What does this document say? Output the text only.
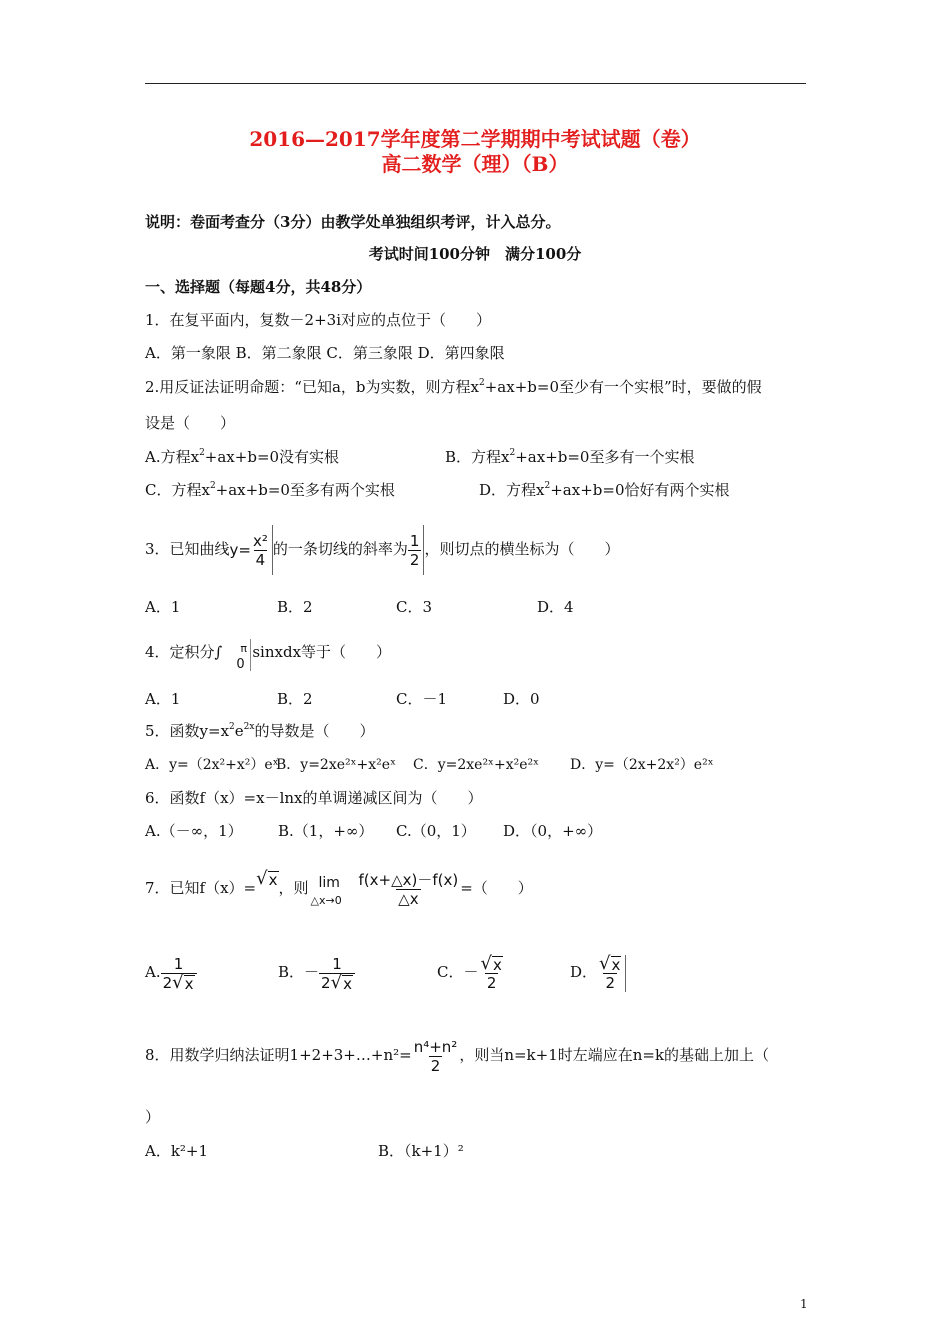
2016—2017学年度第二学期期中考试试题（卷）
高二数学（理）（B）
说明：卷面考查分（3分）由教学处单独组织考评，计入总分。
考试时间100分钟　满分100分
一、选择题（每题4分，共48分）
1．在复平面内，复数－2+3i对应的点位于（　　）
A．第一象限 B．第二象限 C．第三象限 D．第四象限
2.用反证法证明命题：“已知a，b为实数，则方程$x^2+ax+b=0$至少有一个实根”时，要做的假
设是（　　）
A.方程$x^2+ax+b=0$没有实根	B．方程$x^2+ax+b=0$至多有一个实根
C．方程$x^2+ax+b=0$至多有两个实根	D．方程$x^2+ax+b=0$恰好有两个实根
3．已知曲线$y= \frac{\text{x²}}{4}$ 的一条切线的斜率为 $\frac{1}{2}$ ，则切点的横坐标为（　　）
A．1	B．2	C．3	D．4
4．定积分∫ π
0
sinxdx等于（　　）
A．1	B．2	C．－1	D．0
5．函数$y=x^2e^{2x}$的导数是（　　）
A．y=（2x²+x²）eˣ
B．y=2xe²ˣ+x²eˣ C．y=2xe²ˣ+x²e²ˣ D．y=（2x+2x²）e²ˣ
6．函数f（x）=x－lnx的单调递减区间为（　　）
A.（－∞，1） B.（1，+∞） C.（0，1） D．（0，+∞）
7．已知f（x）= √ x ，则 lim
△x→0 $\frac{f(x+\triangle x)-f(x)}{\triangle x}$ =（　　）
A. $\frac{1}{2 √ x}$	B．－ $\frac{1}{2 √ x}$	C．－ $\frac{√ x}{2}$	D． $\frac{√ x}{2}$
8．用数学归纳法证明1+2+3+…+n²= $\frac{\text{n⁴+n²}}{2}$ ，则当n=k+1时左端应在n=k的基础上加上（
）
A．k²+1	B．（k+1）²
1
